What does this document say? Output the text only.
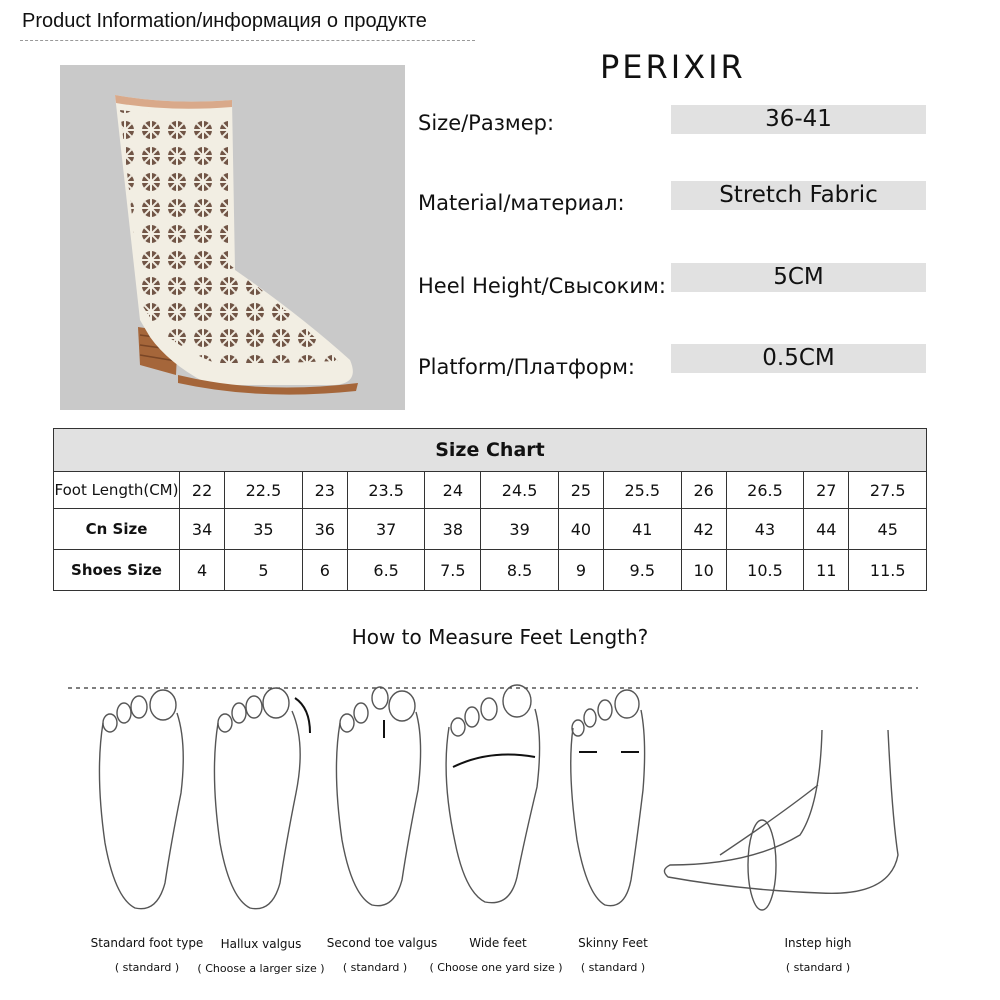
Product Information/информация о продукте
PERIXIR
Size/Размер:	36-41
Material/материал:	Stretch Fabric
Heel Height/Свысоким:	5CM
Platform/Платформ:	0.5CM
Size Chart												
Foot Length(CM)	22	22.5	23	23.5	24	24.5	25	25.5	26	26.5	27	27.5
Cn Size	34	35	36	37	38	39	40	41	42	43	44	45
Shoes Size	4	5	6	6.5	7.5	8.5	9	9.5	10	10.5	11	11.5
How to Measure Feet Length?
Standard foot type
( standard )
Hallux valgus
( Choose a larger size )
Second toe valgus
( standard )
Wide feet
( Choose one yard size )
Skinny Feet
( standard )
Instep high
( standard )
